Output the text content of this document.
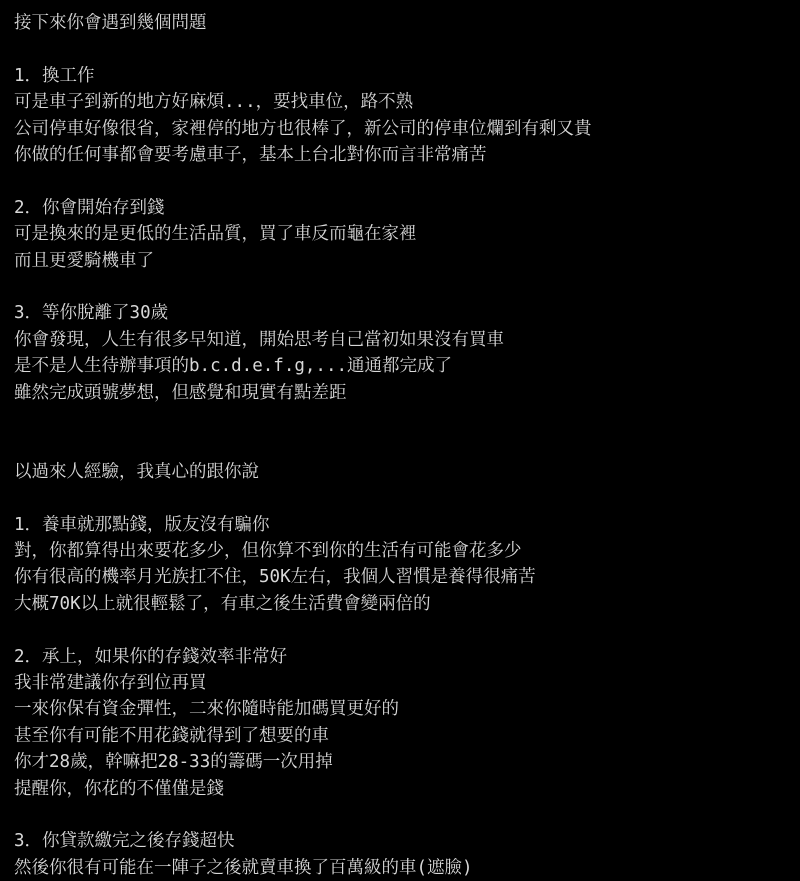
接下來你會遇到幾個問題
1．換工作
可是車子到新的地方好麻煩...，要找車位，路不熟
公司停車好像很省，家裡停的地方也很棒了，新公司的停車位爛到有剩又貴
你做的任何事都會要考慮車子，基本上台北對你而言非常痛苦
2．你會開始存到錢
可是換來的是更低的生活品質，買了車反而龜在家裡
而且更愛騎機車了
3．等你脫離了30歲
你會發現，人生有很多早知道，開始思考自己當初如果沒有買車
是不是人生待辦事項的b.c.d.e.f.g,...通通都完成了
雖然完成頭號夢想，但感覺和現實有點差距
以過來人經驗，我真心的跟你說
1．養車就那點錢，版友沒有騙你
對，你都算得出來要花多少，但你算不到你的生活有可能會花多少
你有很高的機率月光族扛不住，50K左右，我個人習慣是養得很痛苦
大概70K以上就很輕鬆了，有車之後生活費會變兩倍的
2．承上，如果你的存錢效率非常好
我非常建議你存到位再買
一來你保有資金彈性，二來你隨時能加碼買更好的
甚至你有可能不用花錢就得到了想要的車
你才28歲，幹嘛把28-33的籌碼一次用掉
提醒你，你花的不僅僅是錢
3．你貸款繳完之後存錢超快
然後你很有可能在一陣子之後就賣車換了百萬級的車(遮臉)
